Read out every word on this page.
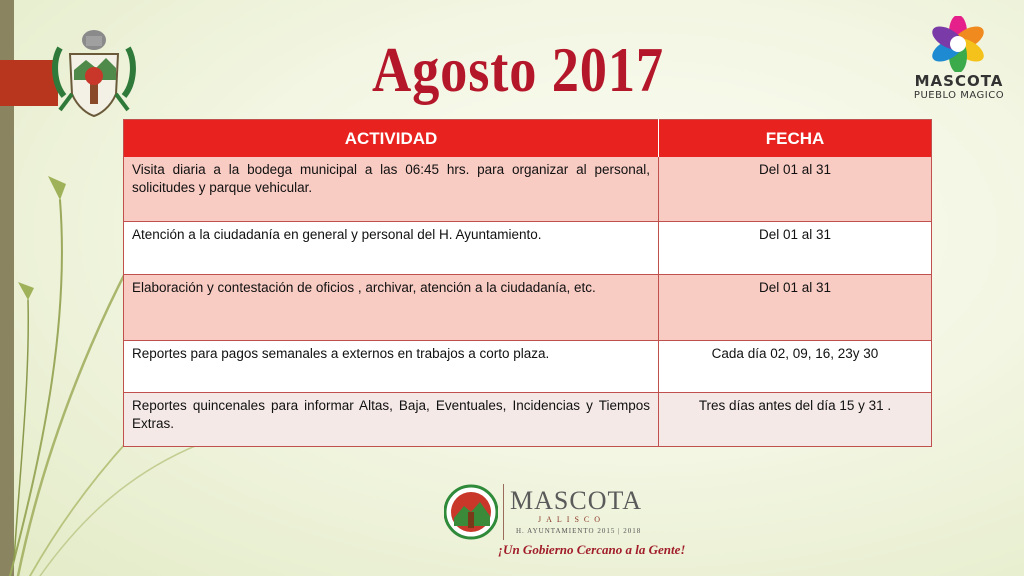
Agosto 2017	MASCOTA
PUEBLO MAGICO
ACTIVIDAD	FECHA
Visita diaria a la bodega municipal a las 06:45 hrs. para organizar al personal, solicitudes y parque vehicular.	Del 01 al 31
Atención a la ciudadanía en general y personal del H. Ayuntamiento.	Del 01 al 31
Elaboración y contestación de oficios , archivar, atención a la ciudadanía, etc.	Del 01 al 31
Reportes para pagos semanales a externos en trabajos a corto plaza.	Cada día 02, 09, 16, 23y 30
Reportes quincenales para informar Altas, Baja, Eventuales, Incidencias y Tiempos Extras.	Tres días antes del día 15 y 31 .
MASCOTA
JALISCO
H. AYUNTAMIENTO 2015 | 2018
¡Un Gobierno Cercano a la Gente!
